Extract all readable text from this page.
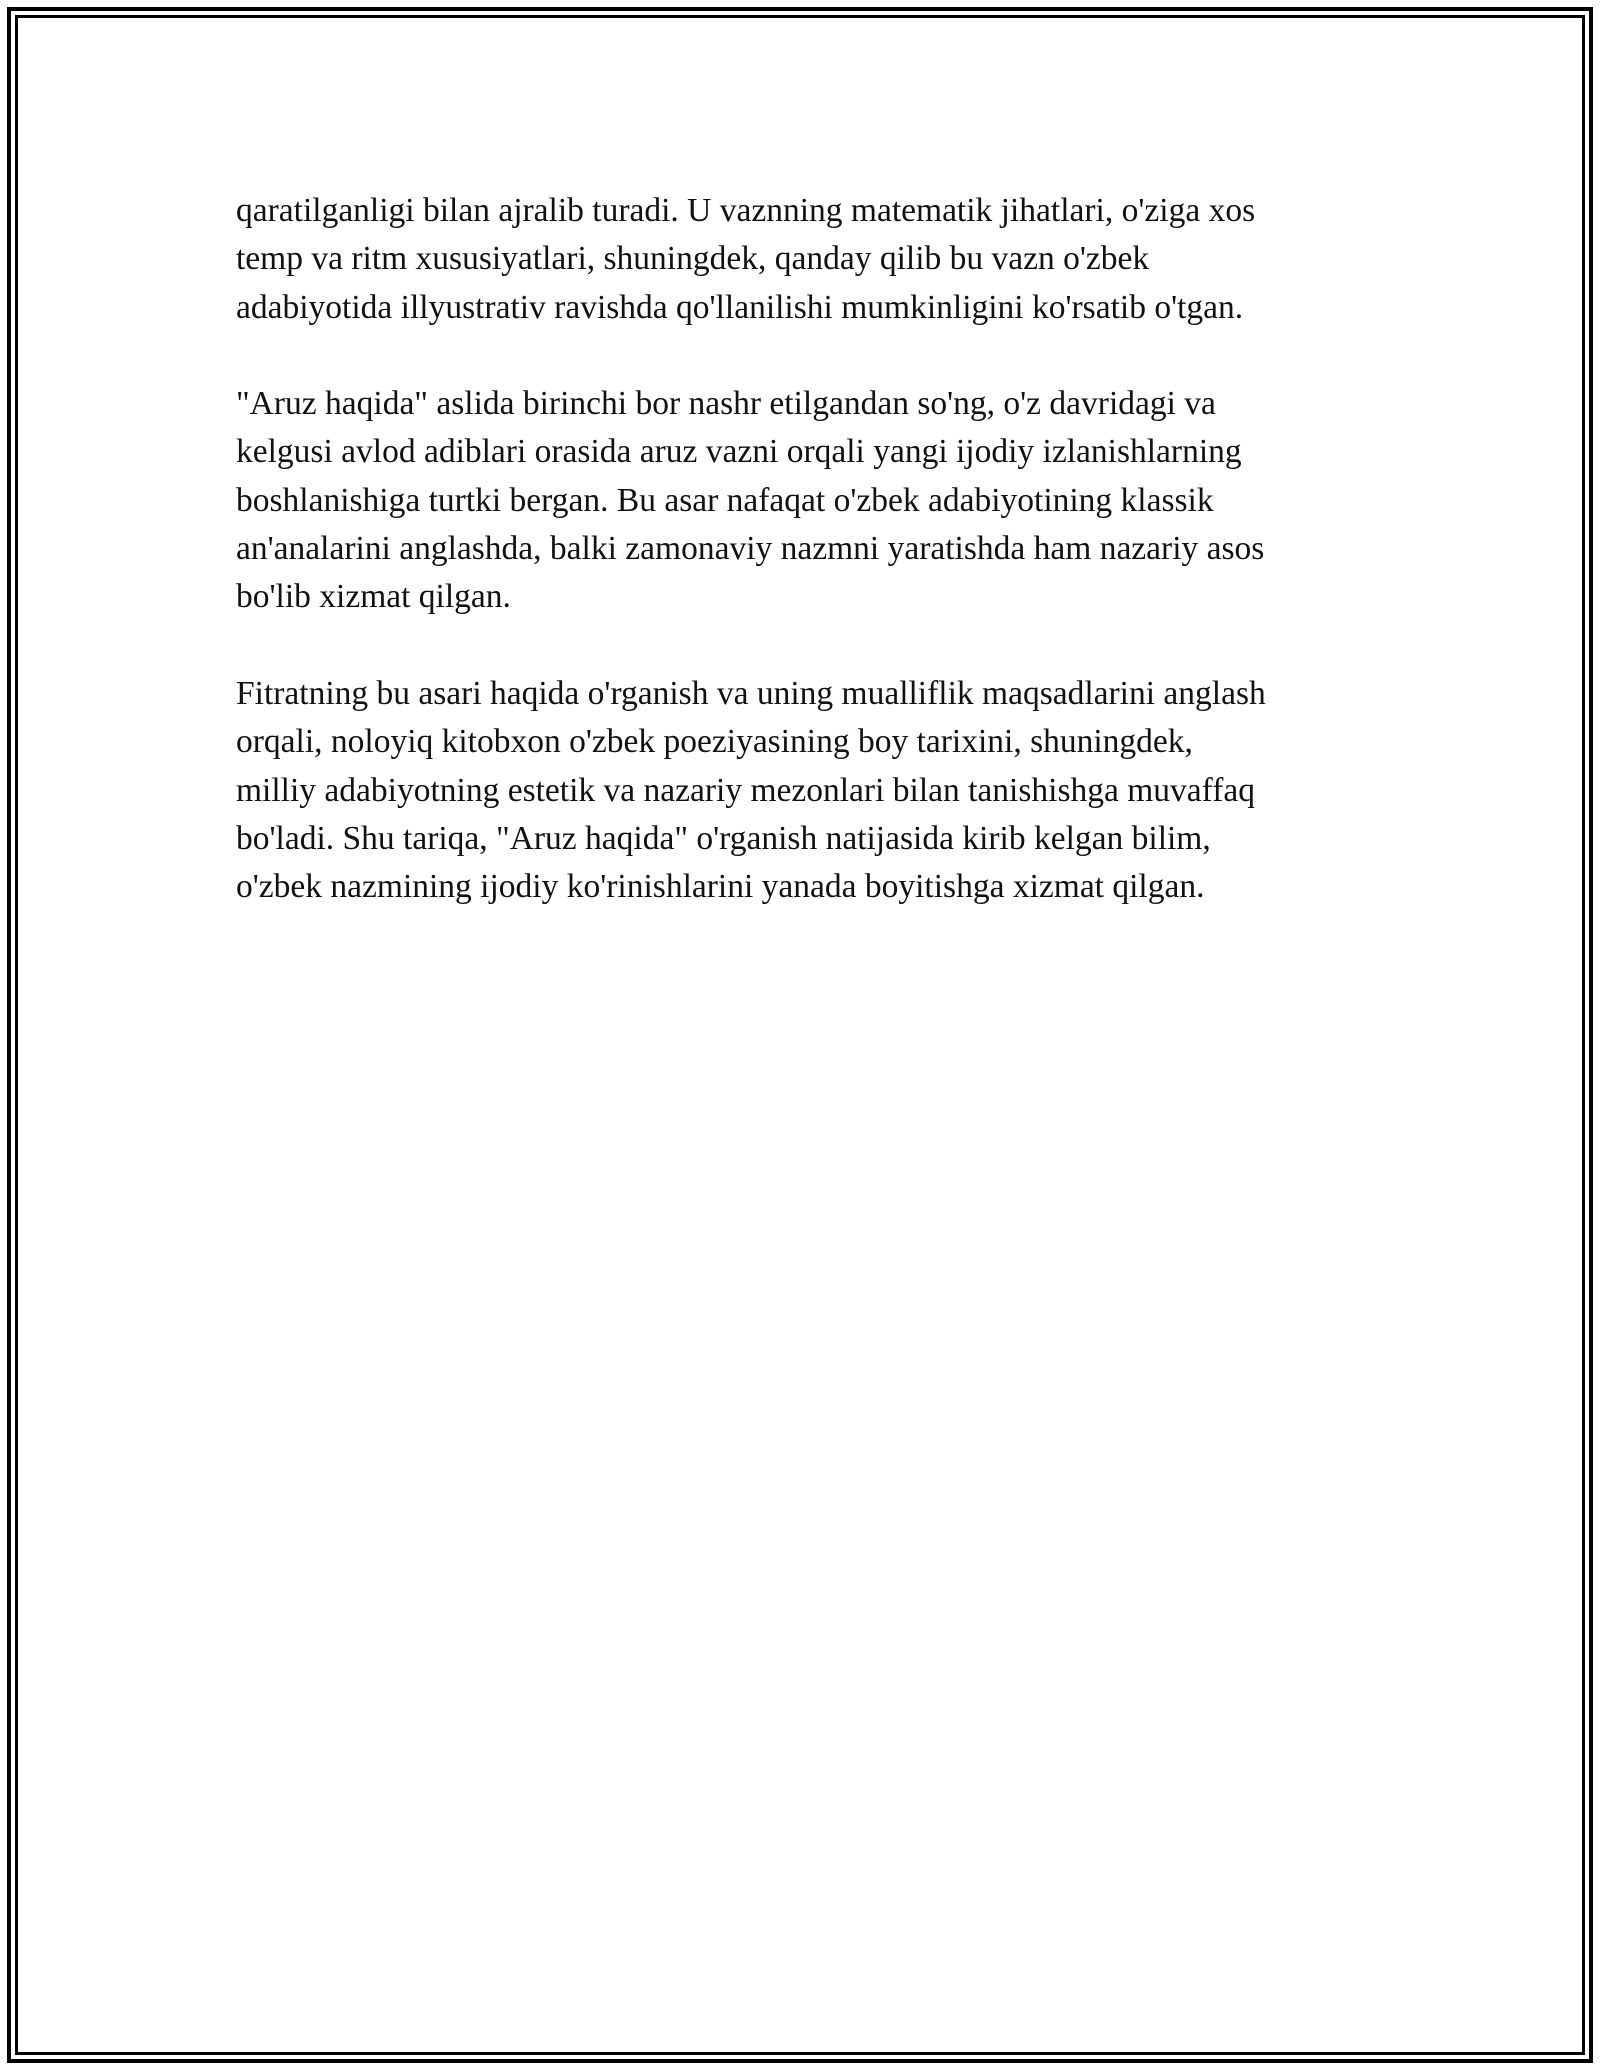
qaratilganligi bilan ajralib turadi. U vaznning matematik jihatlari, o'ziga xos
temp va ritm xususiyatlari, shuningdek, qanday qilib bu vazn o'zbek
adabiyotida illyustrativ ravishda qo'llanilishi mumkinligini ko'rsatib o'tgan.

"Aruz haqida" aslida birinchi bor nashr etilgandan so'ng, o'z davridagi va
kelgusi avlod adiblari orasida aruz vazni orqali yangi ijodiy izlanishlarning
boshlanishiga turtki bergan. Bu asar nafaqat o'zbek adabiyotining klassik
an'analarini anglashda, balki zamonaviy nazmni yaratishda ham nazariy asos
bo'lib xizmat qilgan.

Fitratning bu asari haqida o'rganish va uning mualliflik maqsadlarini anglash
orqali, noloyiq kitobxon o'zbek poeziyasining boy tarixini, shuningdek,
milliy adabiyotning estetik va nazariy mezonlari bilan tanishishga muvaffaq
bo'ladi. Shu tariqa, "Aruz haqida" o'rganish natijasida kirib kelgan bilim,
o'zbek nazmining ijodiy ko'rinishlarini yanada boyitishga xizmat qilgan.
